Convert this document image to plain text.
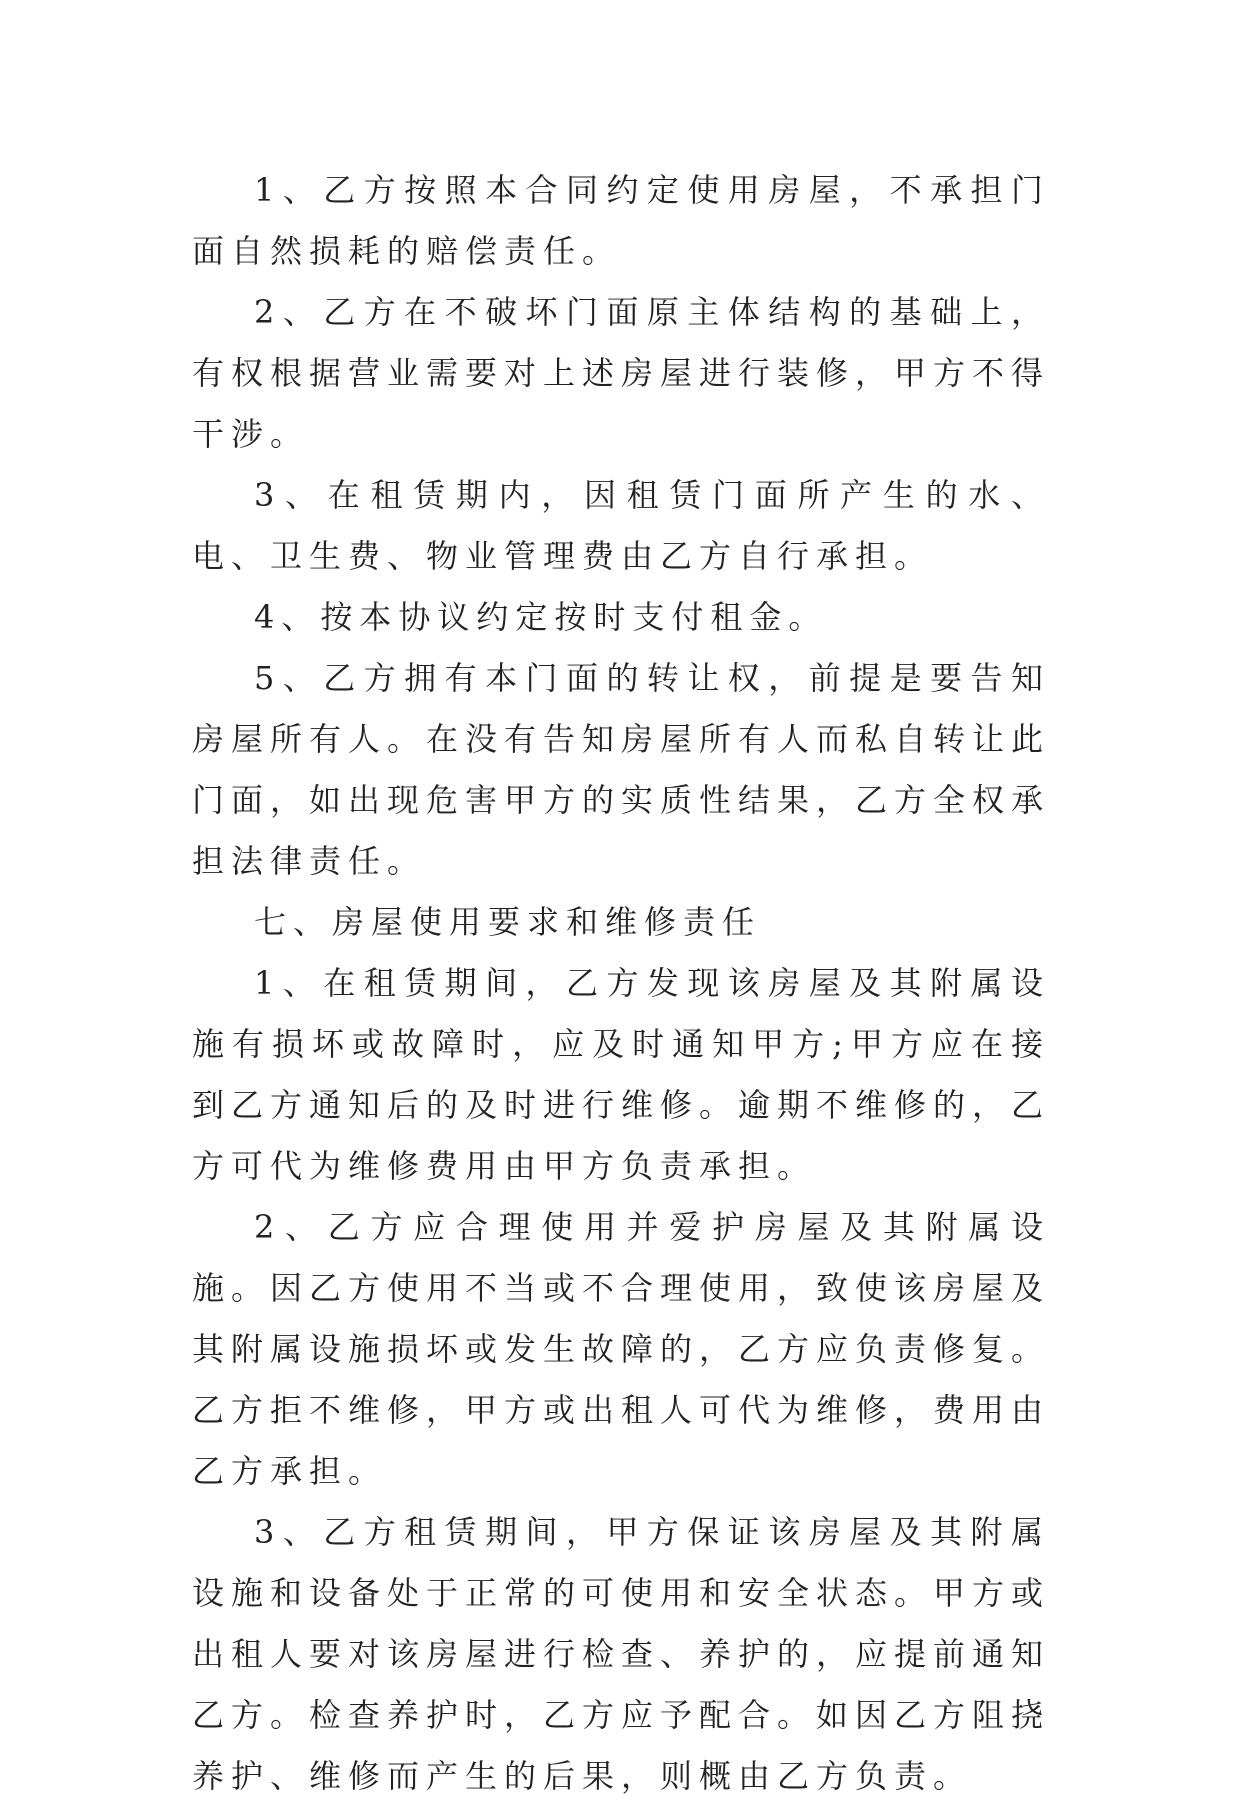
1、乙方按照本合同约定使用房屋，不承担门面自然损耗的赔偿责任。

2、乙方在不破坏门面原主体结构的基础上，有权根据营业需要对上述房屋进行装修，甲方不得干涉。

3、在租赁期内，因租赁门面所产生的水、电、卫生费、物业管理费由乙方自行承担。

4、按本协议约定按时支付租金。

5、乙方拥有本门面的转让权，前提是要告知房屋所有人。在没有告知房屋所有人而私自转让此门面，如出现危害甲方的实质性结果，乙方全权承担法律责任。

七、房屋使用要求和维修责任

1、在租赁期间，乙方发现该房屋及其附属设施有损坏或故障时，应及时通知甲方;甲方应在接到乙方通知后的及时进行维修。逾期不维修的，乙方可代为维修费用由甲方负责承担。

2、乙方应合理使用并爱护房屋及其附属设施。因乙方使用不当或不合理使用，致使该房屋及其附属设施损坏或发生故障的，乙方应负责修复。乙方拒不维修，甲方或出租人可代为维修，费用由乙方承担。

3、乙方租赁期间，甲方保证该房屋及其附属设施和设备处于正常的可使用和安全状态。甲方或出租人要对该房屋进行检查、养护的，应提前通知乙方。检查养护时，乙方应予配合。如因乙方阻挠养护、维修而产生的后果，则概由乙方负责。
